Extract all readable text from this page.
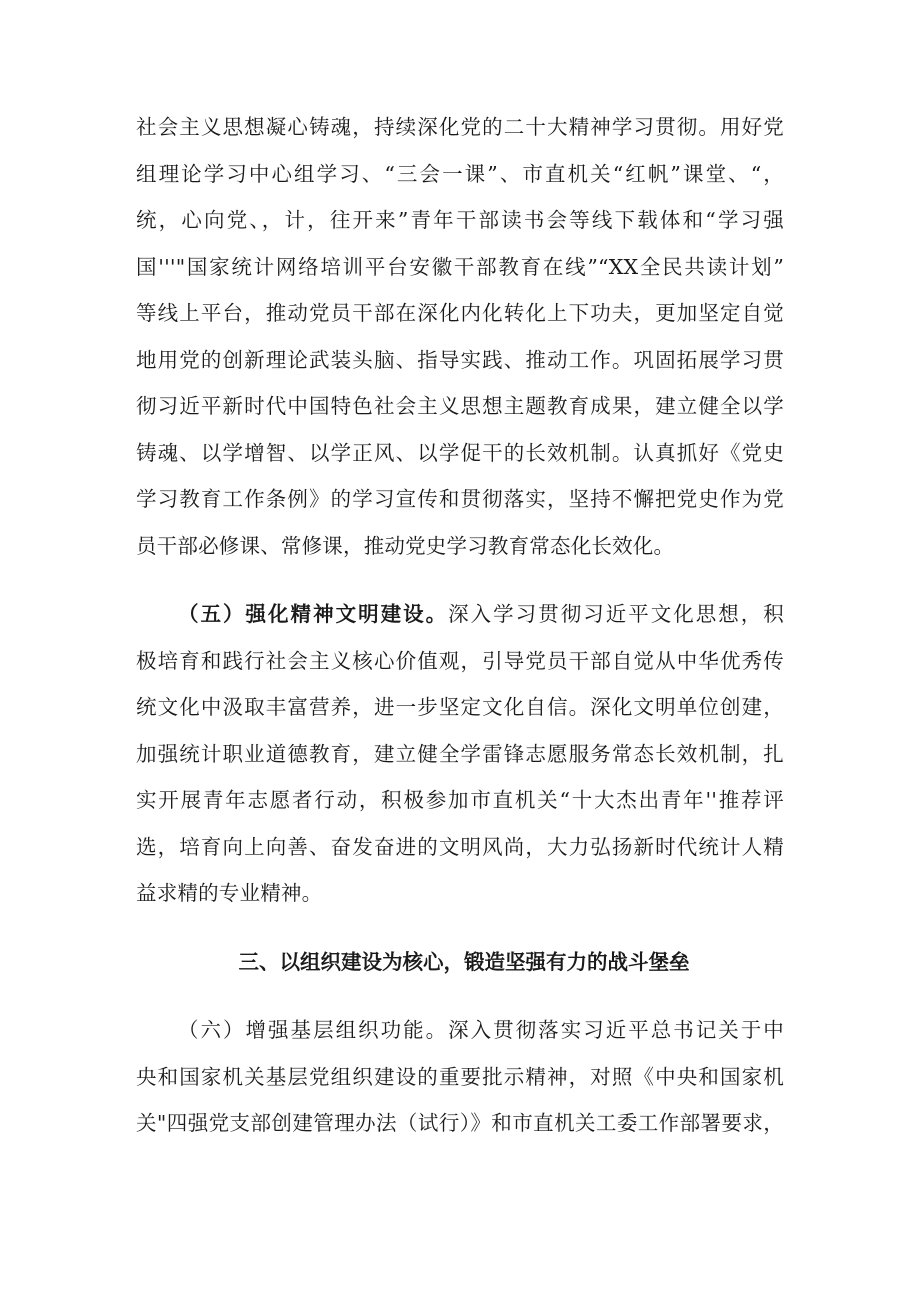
社会主义思想凝心铸魂，持续深化党的二十大精神学习贯彻。用好党
组理论学习中心组学习、“三会一课”、市直机关“红帆”课堂、“，
统，心向党、，计，往开来”青年干部读书会等线下载体和“学习强
国'''"国家统计网络培训平台安徽干部教育在线”“XX全民共读计划”
等线上平台，推动党员干部在深化内化转化上下功夫，更加坚定自觉
地用党的创新理论武装头脑、指导实践、推动工作。巩固拓展学习贯
彻习近平新时代中国特色社会主义思想主题教育成果，建立健全以学
铸魂、以学增智、以学正风、以学促干的长效机制。认真抓好《党史
学习教育工作条例》的学习宣传和贯彻落实，坚持不懈把党史作为党
员干部必修课、常修课，推动党史学习教育常态化长效化。
（五）强化精神文明建设。深入学习贯彻习近平文化思想，积
极培育和践行社会主义核心价值观，引导党员干部自觉从中华优秀传
统文化中汲取丰富营养，进一步坚定文化自信。深化文明单位创建，
加强统计职业道德教育，建立健全学雷锋志愿服务常态长效机制，扎
实开展青年志愿者行动，积极参加市直机关“十大杰出青年''推荐评
选，培育向上向善、奋发奋进的文明风尚，大力弘扬新时代统计人精
益求精的专业精神。
三、以组织建设为核心，锻造坚强有力的战斗堡垒
（六）增强基层组织功能。深入贯彻落实习近平总书记关于中
央和国家机关基层党组织建设的重要批示精神，对照《中央和国家机
关"四强党支部创建管理办法（试行）》和市直机关工委工作部署要求，
